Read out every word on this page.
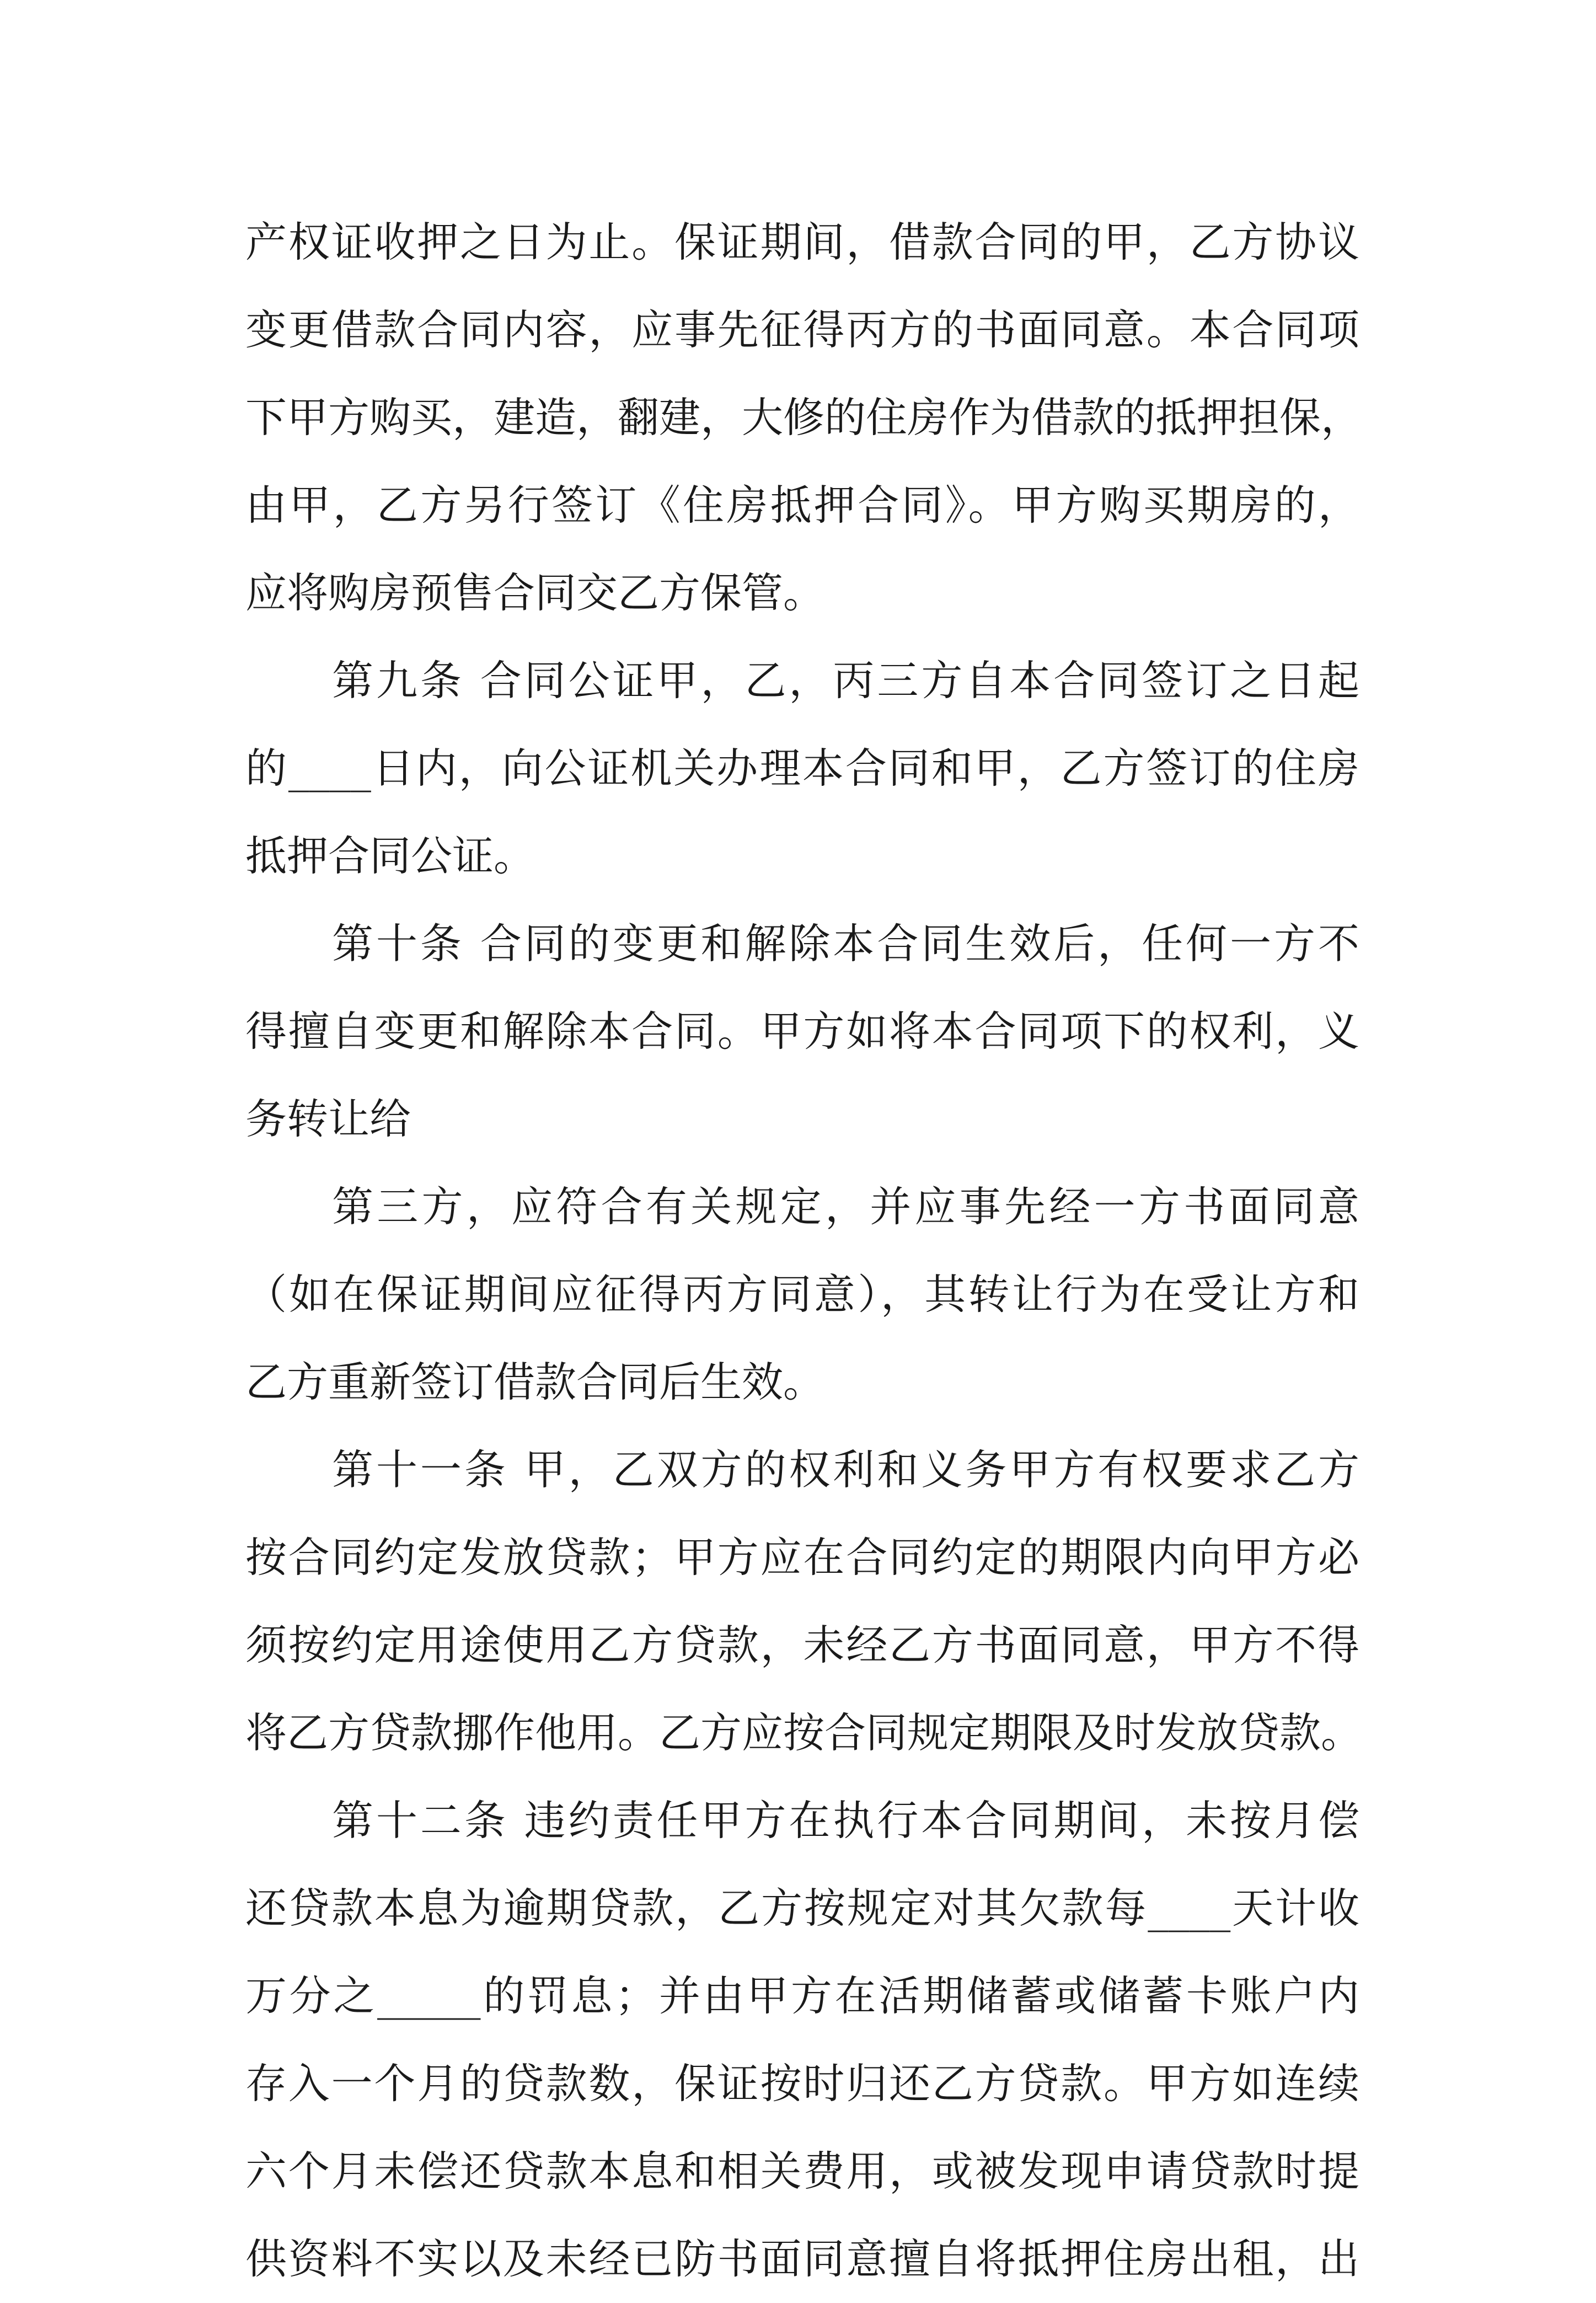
产权证收押之日为止。保证期间，借款合同的甲，乙方协议
变更借款合同内容，应事先征得丙方的书面同意。本合同项
下甲方购买，建造，翻建，大修的住房作为借款的抵押担保，
由甲，乙方另行签订《住房抵押合同》。甲方购买期房的，
应将购房预售合同交乙方保管。
第九条 合同公证甲，乙，丙三方自本合同签订之日起
的____日内，向公证机关办理本合同和甲，乙方签订的住房
抵押合同公证。
第十条 合同的变更和解除本合同生效后，任何一方不
得擅自变更和解除本合同。甲方如将本合同项下的权利，义
务转让给
第三方，应符合有关规定，并应事先经一方书面同意
（如在保证期间应征得丙方同意），其转让行为在受让方和
乙方重新签订借款合同后生效。
第十一条 甲，乙双方的权利和义务甲方有权要求乙方
按合同约定发放贷款；甲方应在合同约定的期限内向甲方必
须按约定用途使用乙方贷款，未经乙方书面同意，甲方不得
将乙方贷款挪作他用。乙方应按合同规定期限及时发放贷款。
第十二条 违约责任甲方在执行本合同期间，未按月偿
还贷款本息为逾期贷款，乙方按规定对其欠款每____天计收
万分之_____的罚息；并由甲方在活期储蓄或储蓄卡账户内
存入一个月的贷款数，保证按时归还乙方贷款。甲方如连续
六个月未偿还贷款本息和相关费用，或被发现申请贷款时提
供资料不实以及未经已防书面同意擅自将抵押住房出租，出
